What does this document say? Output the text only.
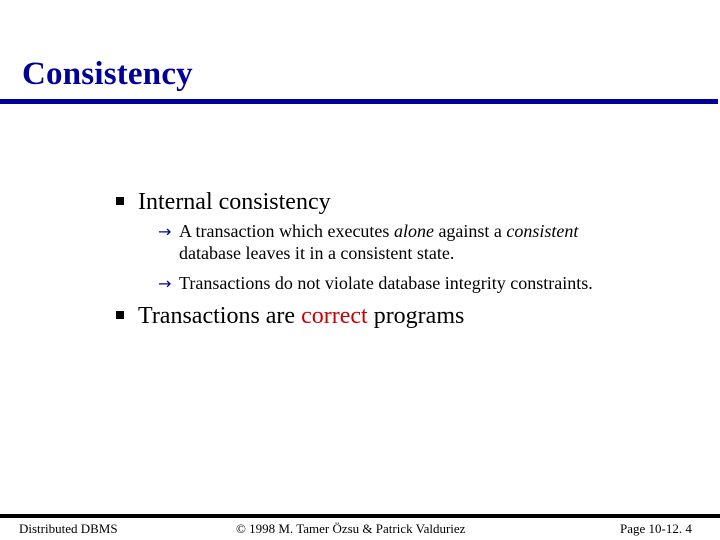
Consistency
Internal consistency
→ A transaction which executes alone against a consistent
database leaves it in a consistent state.
→ Transactions do not violate database integrity constraints.
Transactions are correct programs
Distributed DBMS	© 1998 M. Tamer Özsu & Patrick Valduriez	Page 10-12. 4
